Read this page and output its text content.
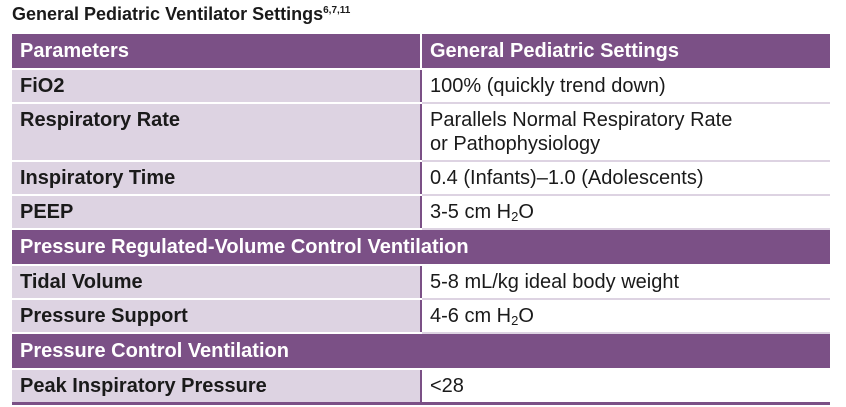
General Pediatric Ventilator Settings$^{6,7,11}$
Parameters	General Pediatric Settings
FiO2	100% (quickly trend down)
Respiratory Rate	Parallels Normal Respiratory Rate
or Pathophysiology
Inspiratory Time	0.4 (Infants)–1.0 (Adolescents)
PEEP	3-5 cm $H_2O$
Pressure Regulated-Volume Control Ventilation	
Tidal Volume	5-8 mL/kg ideal body weight
Pressure Support	4-6 cm $H_2O$
Pressure Control Ventilation	
Peak Inspiratory Pressure	<28
